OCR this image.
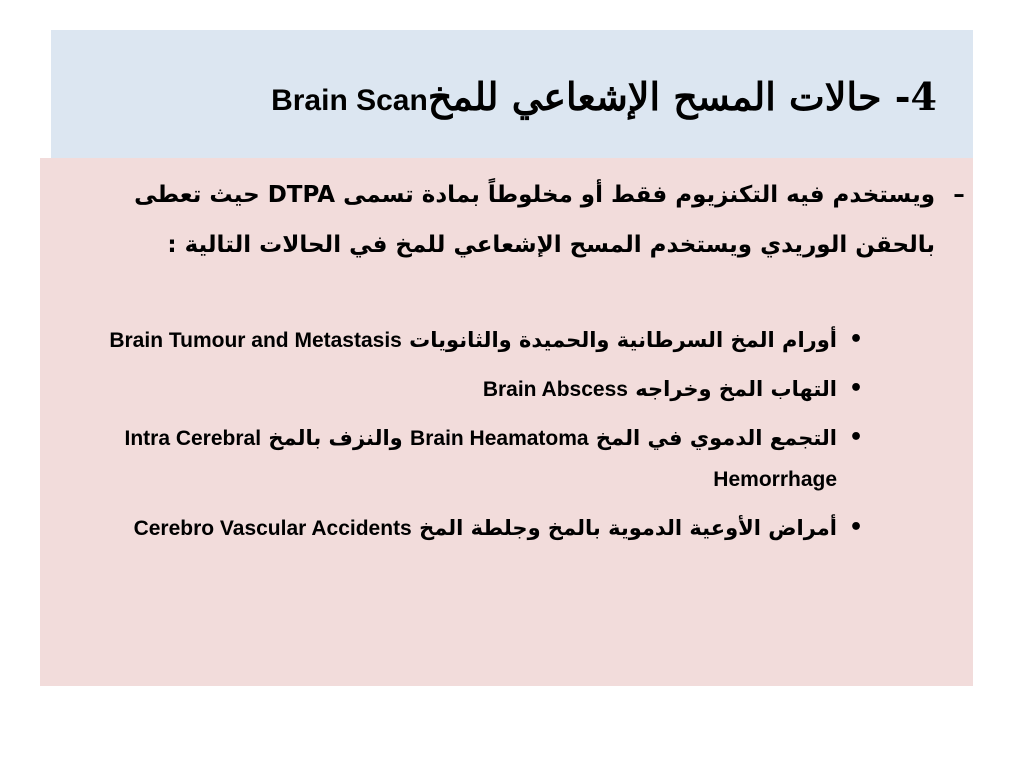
4- حالات المسح الإشعاعي للمخBrain Scan

–
ويستخدم فيه التكنزيوم فقط أو مخلوطاً بمادة تسمى DTPA حيث تعطى بالحقن الوريدي ويستخدم المسح الإشعاعي للمخ في الحالات التالية :

•
أورام المخ السرطانية والحميدة والثانويات Brain Tumour and Metastasis
•
التهاب المخ وخراجه Brain Abscess
•
التجمع الدموي في المخ Brain Heamatoma والنزف بالمخ Intra Cerebral Hemorrhage
•
أمراض الأوعية الدموية بالمخ وجلطة المخ Cerebro Vascular Accidents
